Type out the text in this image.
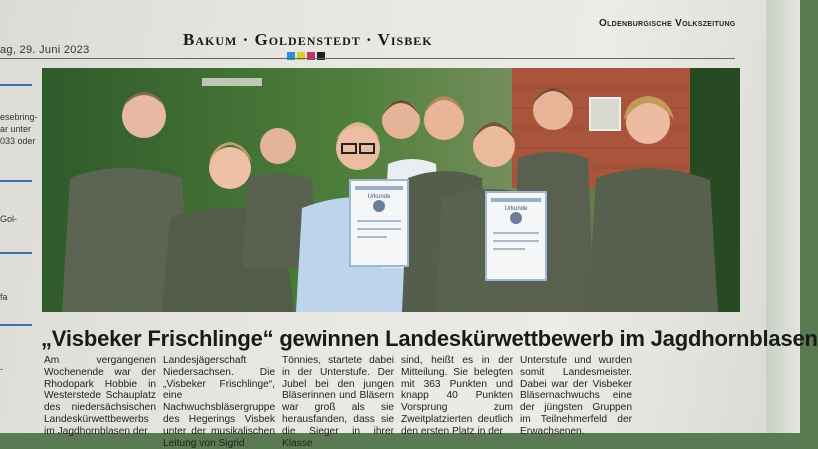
ag, 29. Juni 2023
Bakum · Goldenstedt · Visbek
Oldenburgische Volkszeitung
esebring-
ar unter
033 oder
Gol-
fa
-
Urkunde
Urkunde
„Visbeker Frischlinge“ gewinnen Landeskürwettbewerb im Jagdhornblasen
Am vergangenen Wochenende war der Rhodopark Hobbie in Westerstede Schauplatz des niedersächsischen Landeskürwettbewerbs im Jagdhornblasen der
Landesjägerschaft Niedersachsen. Die „Visbeker Frischlinge“, eine Nachwuchsbläsergruppe des Hegerings Visbek unter der musikalischen Leitung von Sigrid
Tönnies, startete dabei in der Unterstufe. Der Jubel bei den jungen Bläserinnen und Bläsern war groß als sie herausfanden, dass sie die Sieger in ihrer Klasse
sind, heißt es in der Mitteilung. Sie belegten mit 363 Punkten und knapp 40 Punkten Vorsprung zum Zweitplatzierten deutlich den ersten Platz in der
Unterstufe und wurden somit Landesmeister. Dabei war der Visbeker Bläsernachwuchs eine der jüngsten Gruppen im Teilnehmerfeld der Erwachsenen.
